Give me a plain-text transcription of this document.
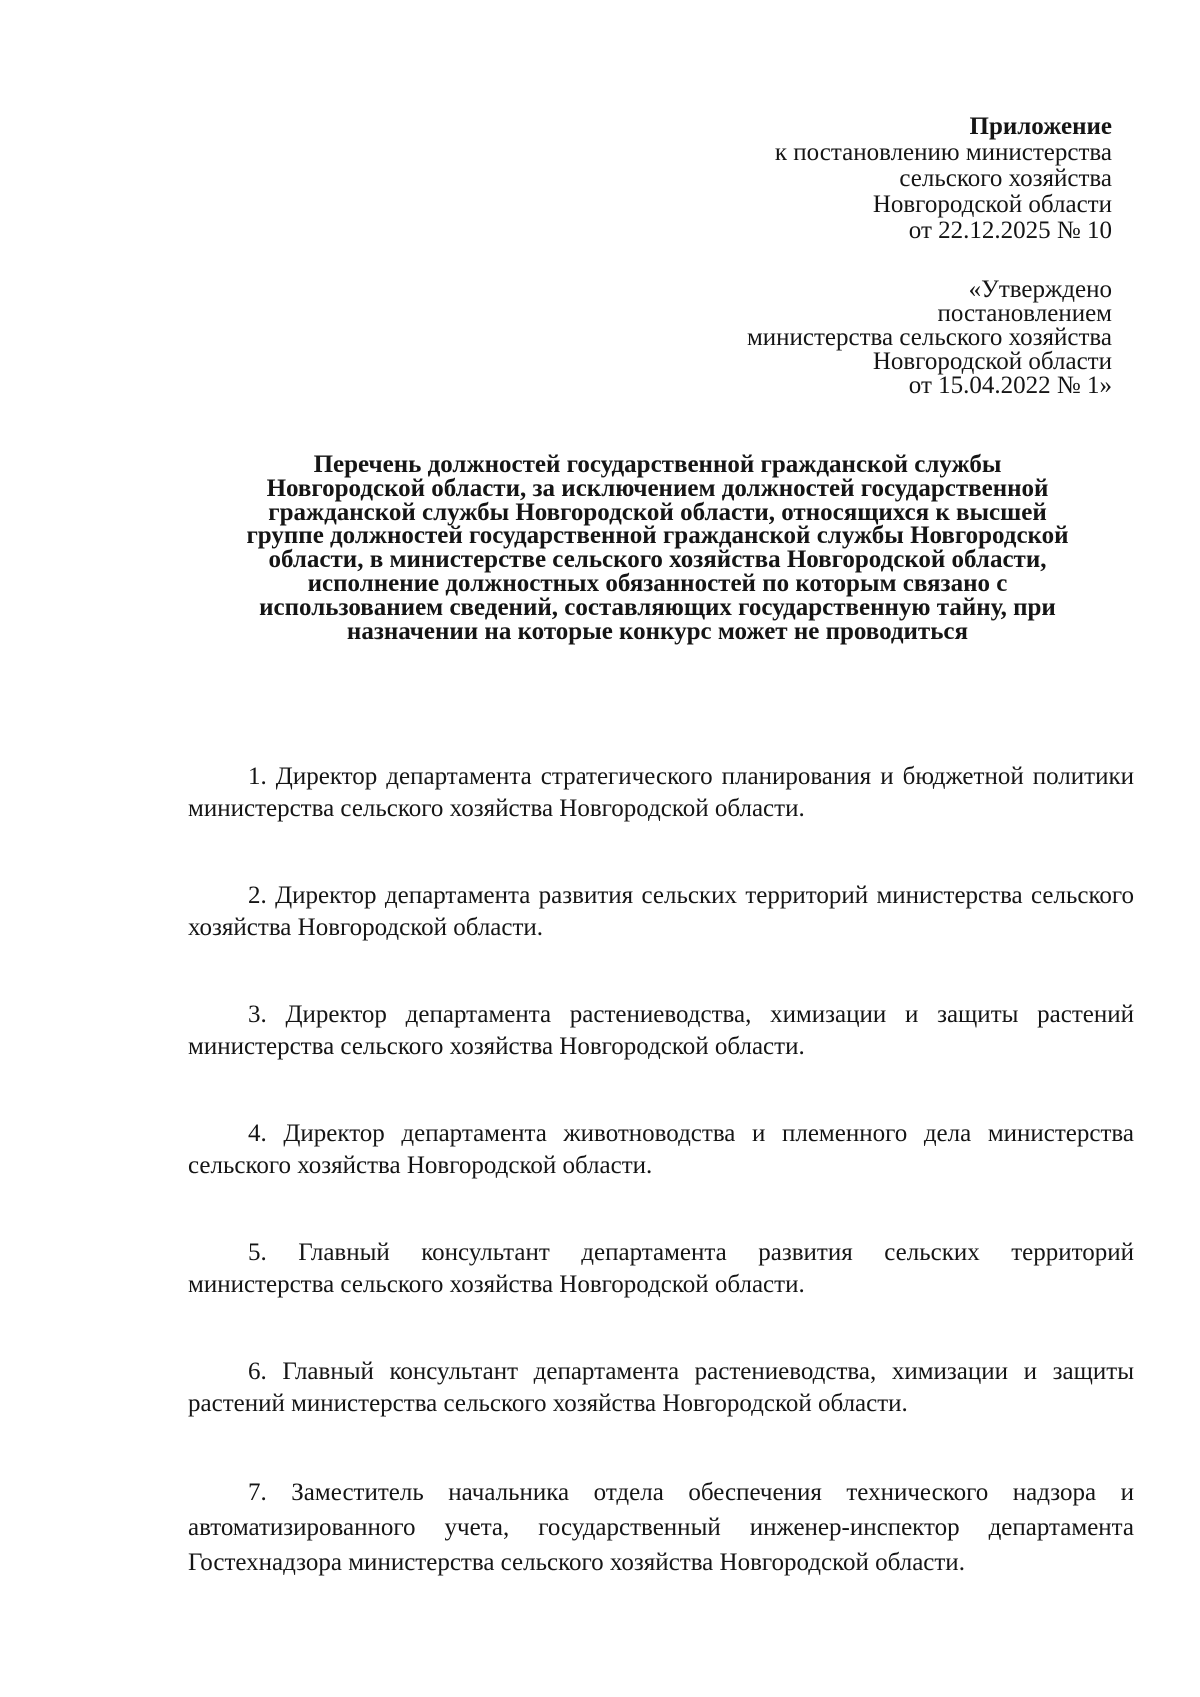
Приложение
к постановлению министерства
сельского хозяйства
Новгородской области
от 22.12.2025 № 10
«Утверждено
постановлением
министерства сельского хозяйства
Новгородской области
от 15.04.2022 № 1»
Перечень должностей государственной гражданской службы
Новгородской области, за исключением должностей государственной
гражданской службы Новгородской области, относящихся к высшей
группе должностей государственной гражданской службы Новгородской
области, в министерстве сельского хозяйства Новгородской области,
исполнение должностных обязанностей по которым связано с
использованием сведений, составляющих государственную тайну, при
назначении на которые конкурс может не проводиться

1. Директор департамента стратегического планирования и бюджетной политики министерства сельского хозяйства Новгородской области.

2. Директор департамента развития сельских территорий министерства сельского хозяйства Новгородской области.

3. Директор департамента растениеводства, химизации и защиты растений министерства сельского хозяйства Новгородской области.

4. Директор департамента животноводства и племенного дела министерства сельского хозяйства Новгородской области.

5. Главный консультант департамента развития сельских территорий министерства сельского хозяйства Новгородской области.

6. Главный консультант департамента растениеводства, химизации и защиты растений министерства сельского хозяйства Новгородской области.

7. Заместитель начальника отдела обеспечения технического надзора и автоматизированного учета, государственный инженер-инспектор департамента Гостехнадзора министерства сельского хозяйства Новгородской области.
